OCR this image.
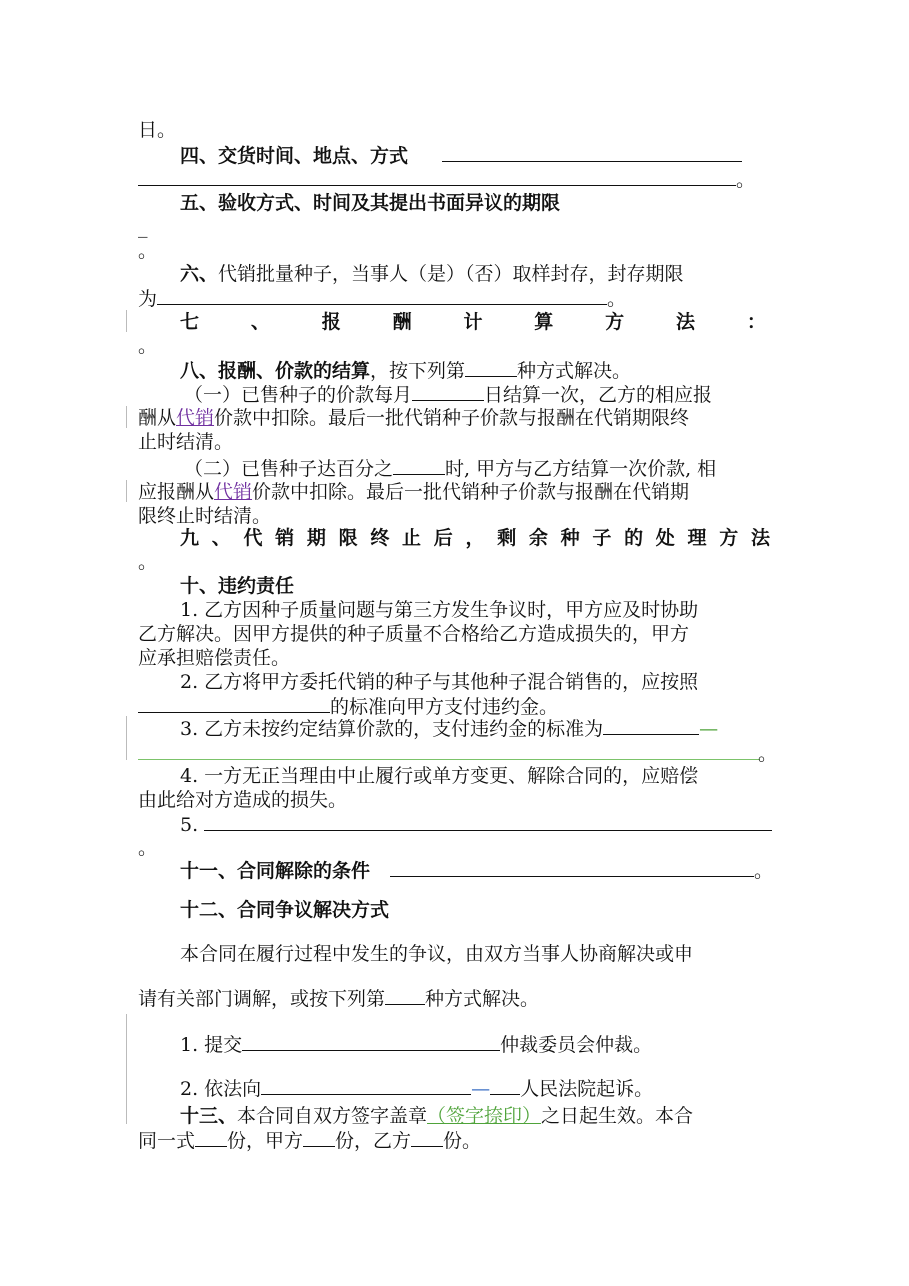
日。
四、交货时间、地点、方式
。
五、验收方式、时间及其提出书面异议的期限
_
。
六、代销批量种子，当事人（是）（否）取样封存，封存期限
为	。
七	、	报	酬	计	算	方	法	：
。
八、报酬、价款的结算，按下列第	种方式解决。
（一）已售种子的价款每月	日结算一次，乙方的相应报
酬从代销价款中扣除。最后一批代销种子价款与报酬在代销期限终
止时结清。
（二）已售种子达百分之	时, 甲方与乙方结算一次价款, 相
应报酬从代销价款中扣除。最后一批代销种子价款与报酬在代销期
限终止时结清。
九 、 代 销 期 限 终 止 后 ， 剩 余 种 子 的 处 理 方 法
。
十、违约责任
1. 乙方因种子质量问题与第三方发生争议时，甲方应及时协助
乙方解决。因甲方提供的种子质量不合格给乙方造成损失的，甲方
应承担赔偿责任。
2. 乙方将甲方委托代销的种子与其他种子混合销售的，应按照
的标准向甲方支付违约金。
3. 乙方未按约定结算价款的，支付违约金的标准为	—
。
4. 一方无正当理由中止履行或单方变更、解除合同的，应赔偿
由此给对方造成的损失。
5.
。
十一、合同解除的条件	。
十二、合同争议解决方式
本合同在履行过程中发生的争议，由双方当事人协商解决或申
请有关部门调解，或按下列第 种方式解决。
1. 提交	仲裁委员会仲裁。
2. 依法向	— 人民法院起诉。
十三、本合同自双方签字盖章（签字捺印）之日起生效。本合
同一式 份，甲方 份，乙方 份。
